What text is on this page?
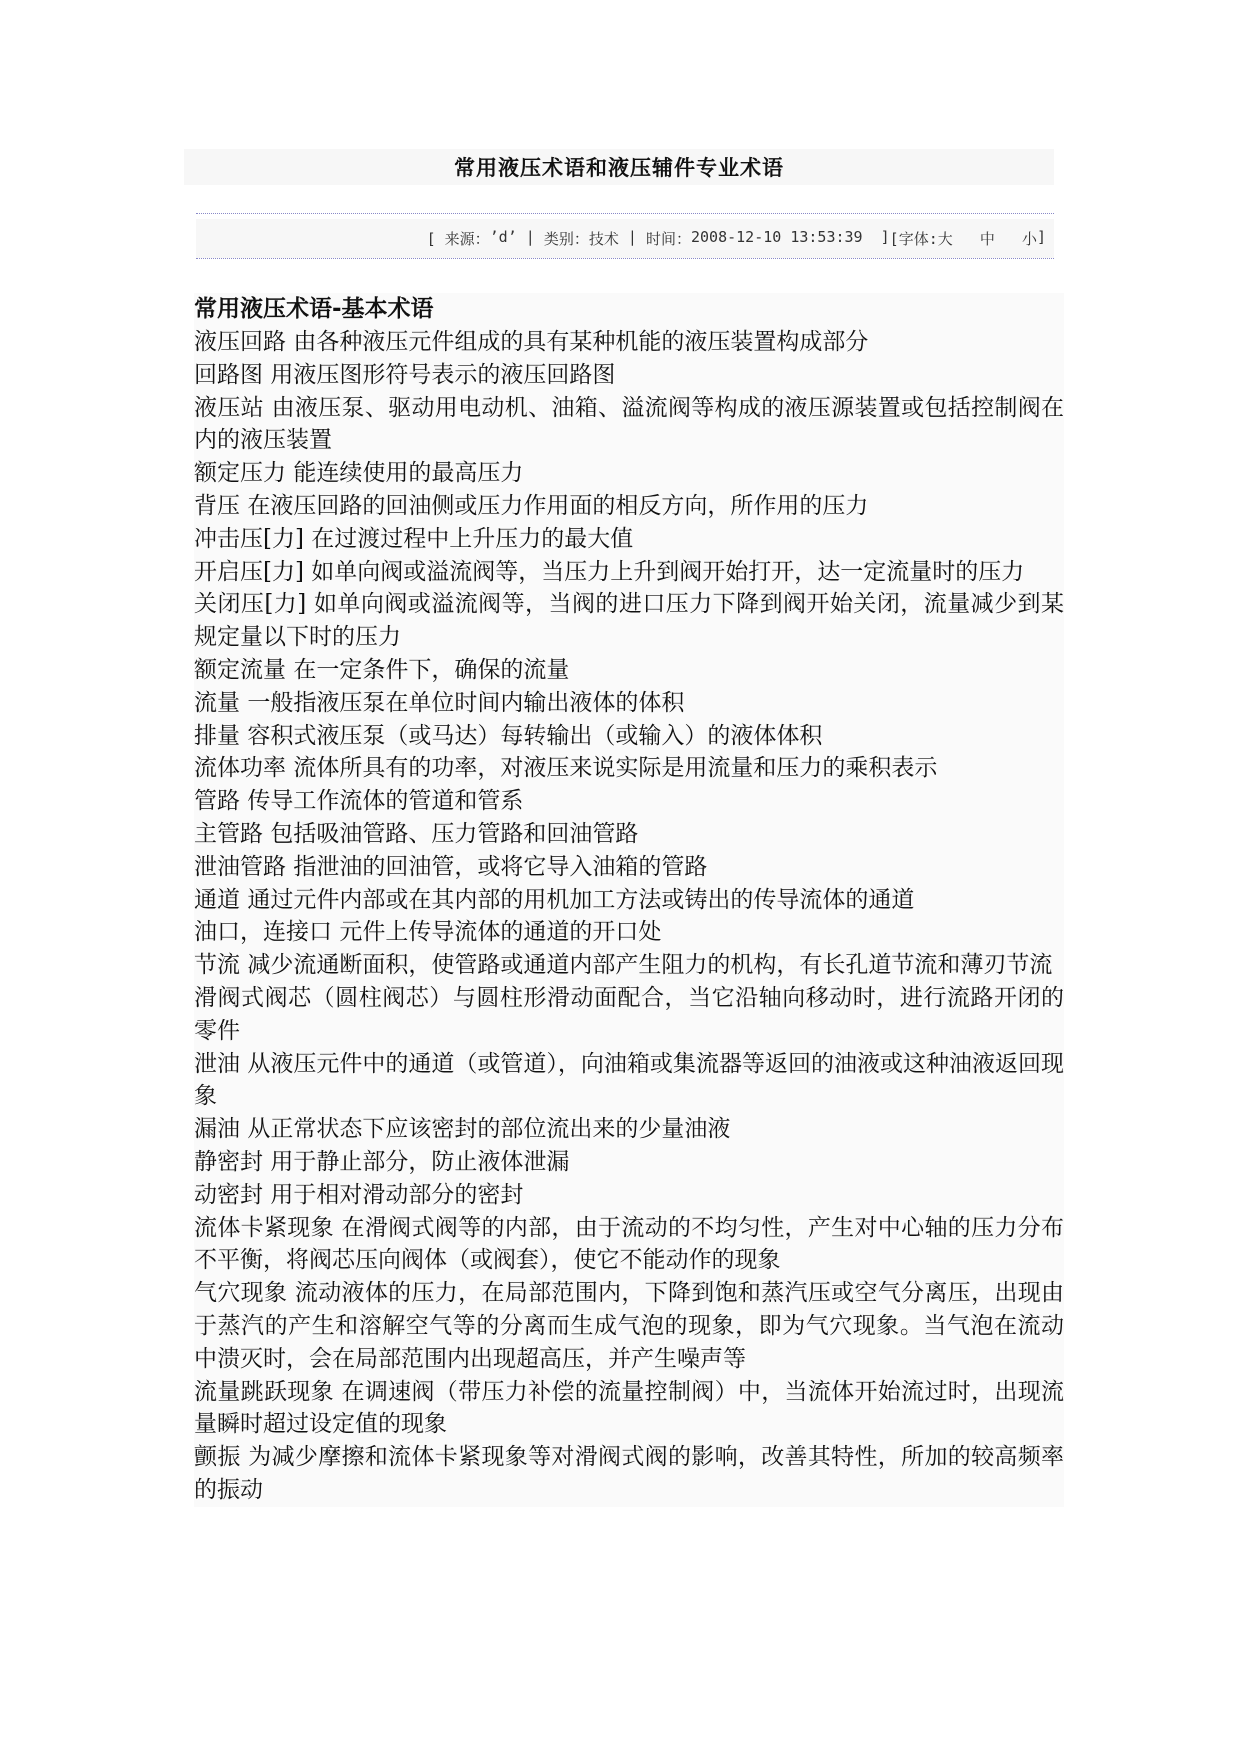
常用液压术语和液压辅件专业术语
[ 来源： ’d’ | 类别： 技术 | 时间： 2008-12-10 13:53:39 ] [字体: 大
中
小 ]

常用液压术语-基本术语

液压回路 由各种液压元件组成的具有某种机能的液压装置构成部分

回路图 用液压图形符号表示的液压回路图

液压站 由液压泵、驱动用电动机、油箱、溢流阀等构成的液压源装置或包括控制阀在内的液压装置

额定压力 能连续使用的最高压力

背压 在液压回路的回油侧或压力作用面的相反方向，所作用的压力

冲击压[力] 在过渡过程中上升压力的最大值

开启压[力] 如单向阀或溢流阀等，当压力上升到阀开始打开，达一定流量时的压力

关闭压[力] 如单向阀或溢流阀等，当阀的进口压力下降到阀开始关闭，流量减少到某规定量以下时的压力

额定流量 在一定条件下，确保的流量

流量 一般指液压泵在单位时间内输出液体的体积

排量 容积式液压泵（或马达）每转输出（或输入）的液体体积

流体功率 流体所具有的功率，对液压来说实际是用流量和压力的乘积表示

管路 传导工作流体的管道和管系

主管路 包括吸油管路、压力管路和回油管路

泄油管路 指泄油的回油管，或将它导入油箱的管路

通道 通过元件内部或在其内部的用机加工方法或铸出的传导流体的通道

油口，连接口 元件上传导流体的通道的开口处

节流 减少流通断面积，使管路或通道内部产生阻力的机构，有长孔道节流和薄刃节流

滑阀式阀芯（圆柱阀芯）与圆柱形滑动面配合，当它沿轴向移动时，进行流路开闭的零件

泄油 从液压元件中的通道（或管道），向油箱或集流器等返回的油液或这种油液返回现象

漏油 从正常状态下应该密封的部位流出来的少量油液

静密封 用于静止部分，防止液体泄漏

动密封 用于相对滑动部分的密封

流体卡紧现象 在滑阀式阀等的内部，由于流动的不均匀性，产生对中心轴的压力分布不平衡，将阀芯压向阀体（或阀套），使它不能动作的现象

气穴现象 流动液体的压力，在局部范围内，下降到饱和蒸汽压或空气分离压，出现由于蒸汽的产生和溶解空气等的分离而生成气泡的现象，即为气穴现象。当气泡在流动中溃灭时，会在局部范围内出现超高压，并产生噪声等

流量跳跃现象 在调速阀（带压力补偿的流量控制阀）中，当流体开始流过时，出现流量瞬时超过设定值的现象

颤振 为减少摩擦和流体卡紧现象等对滑阀式阀的影响，改善其特性，所加的较高频率的振动
